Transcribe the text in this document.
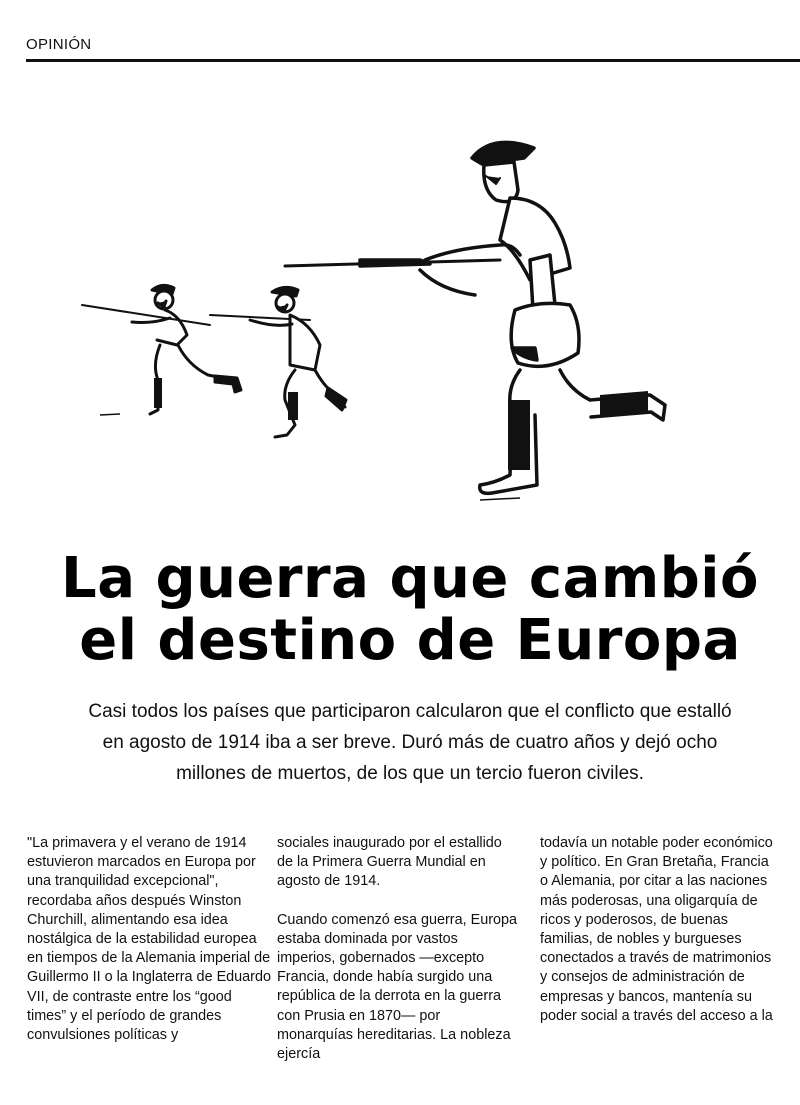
OPINIÓN
La guerra que cambió el destino de Europa
Casi todos los países que participaron calcularon que el conflicto que estalló en agosto de 1914 iba a ser breve. Duró más de cuatro años y dejó ocho millones de muertos, de los que un tercio fueron civiles.

"La primavera y el verano de 1914 estuvieron marcados en Europa por una tranquilidad excepcional", recordaba años después Winston Churchill, alimentando esa idea nostálgica de la estabilidad europea en tiempos de la Alemania imperial de Guillermo II o la Inglaterra de Eduardo VII, de contraste entre los “good times” y el período de grandes convulsiones políticas y

sociales inaugurado por el estallido de la Primera Guerra Mundial en agosto de 1914.

Cuando comenzó esa guerra, Europa estaba dominada por vastos imperios, gobernados —excepto Francia, donde había surgido una república de la derrota en la guerra con Prusia en 1870— por monarquías hereditarias. La nobleza ejercía

todavía un notable poder económico y político. En Gran Bretaña, Francia o Alemania, por citar a las naciones más poderosas, una oligarquía de ricos y poderosos, de buenas familias, de nobles y burgueses conectados a través de matrimonios y consejos de administración de empresas y bancos, mantenía su poder social a través del acceso a la
